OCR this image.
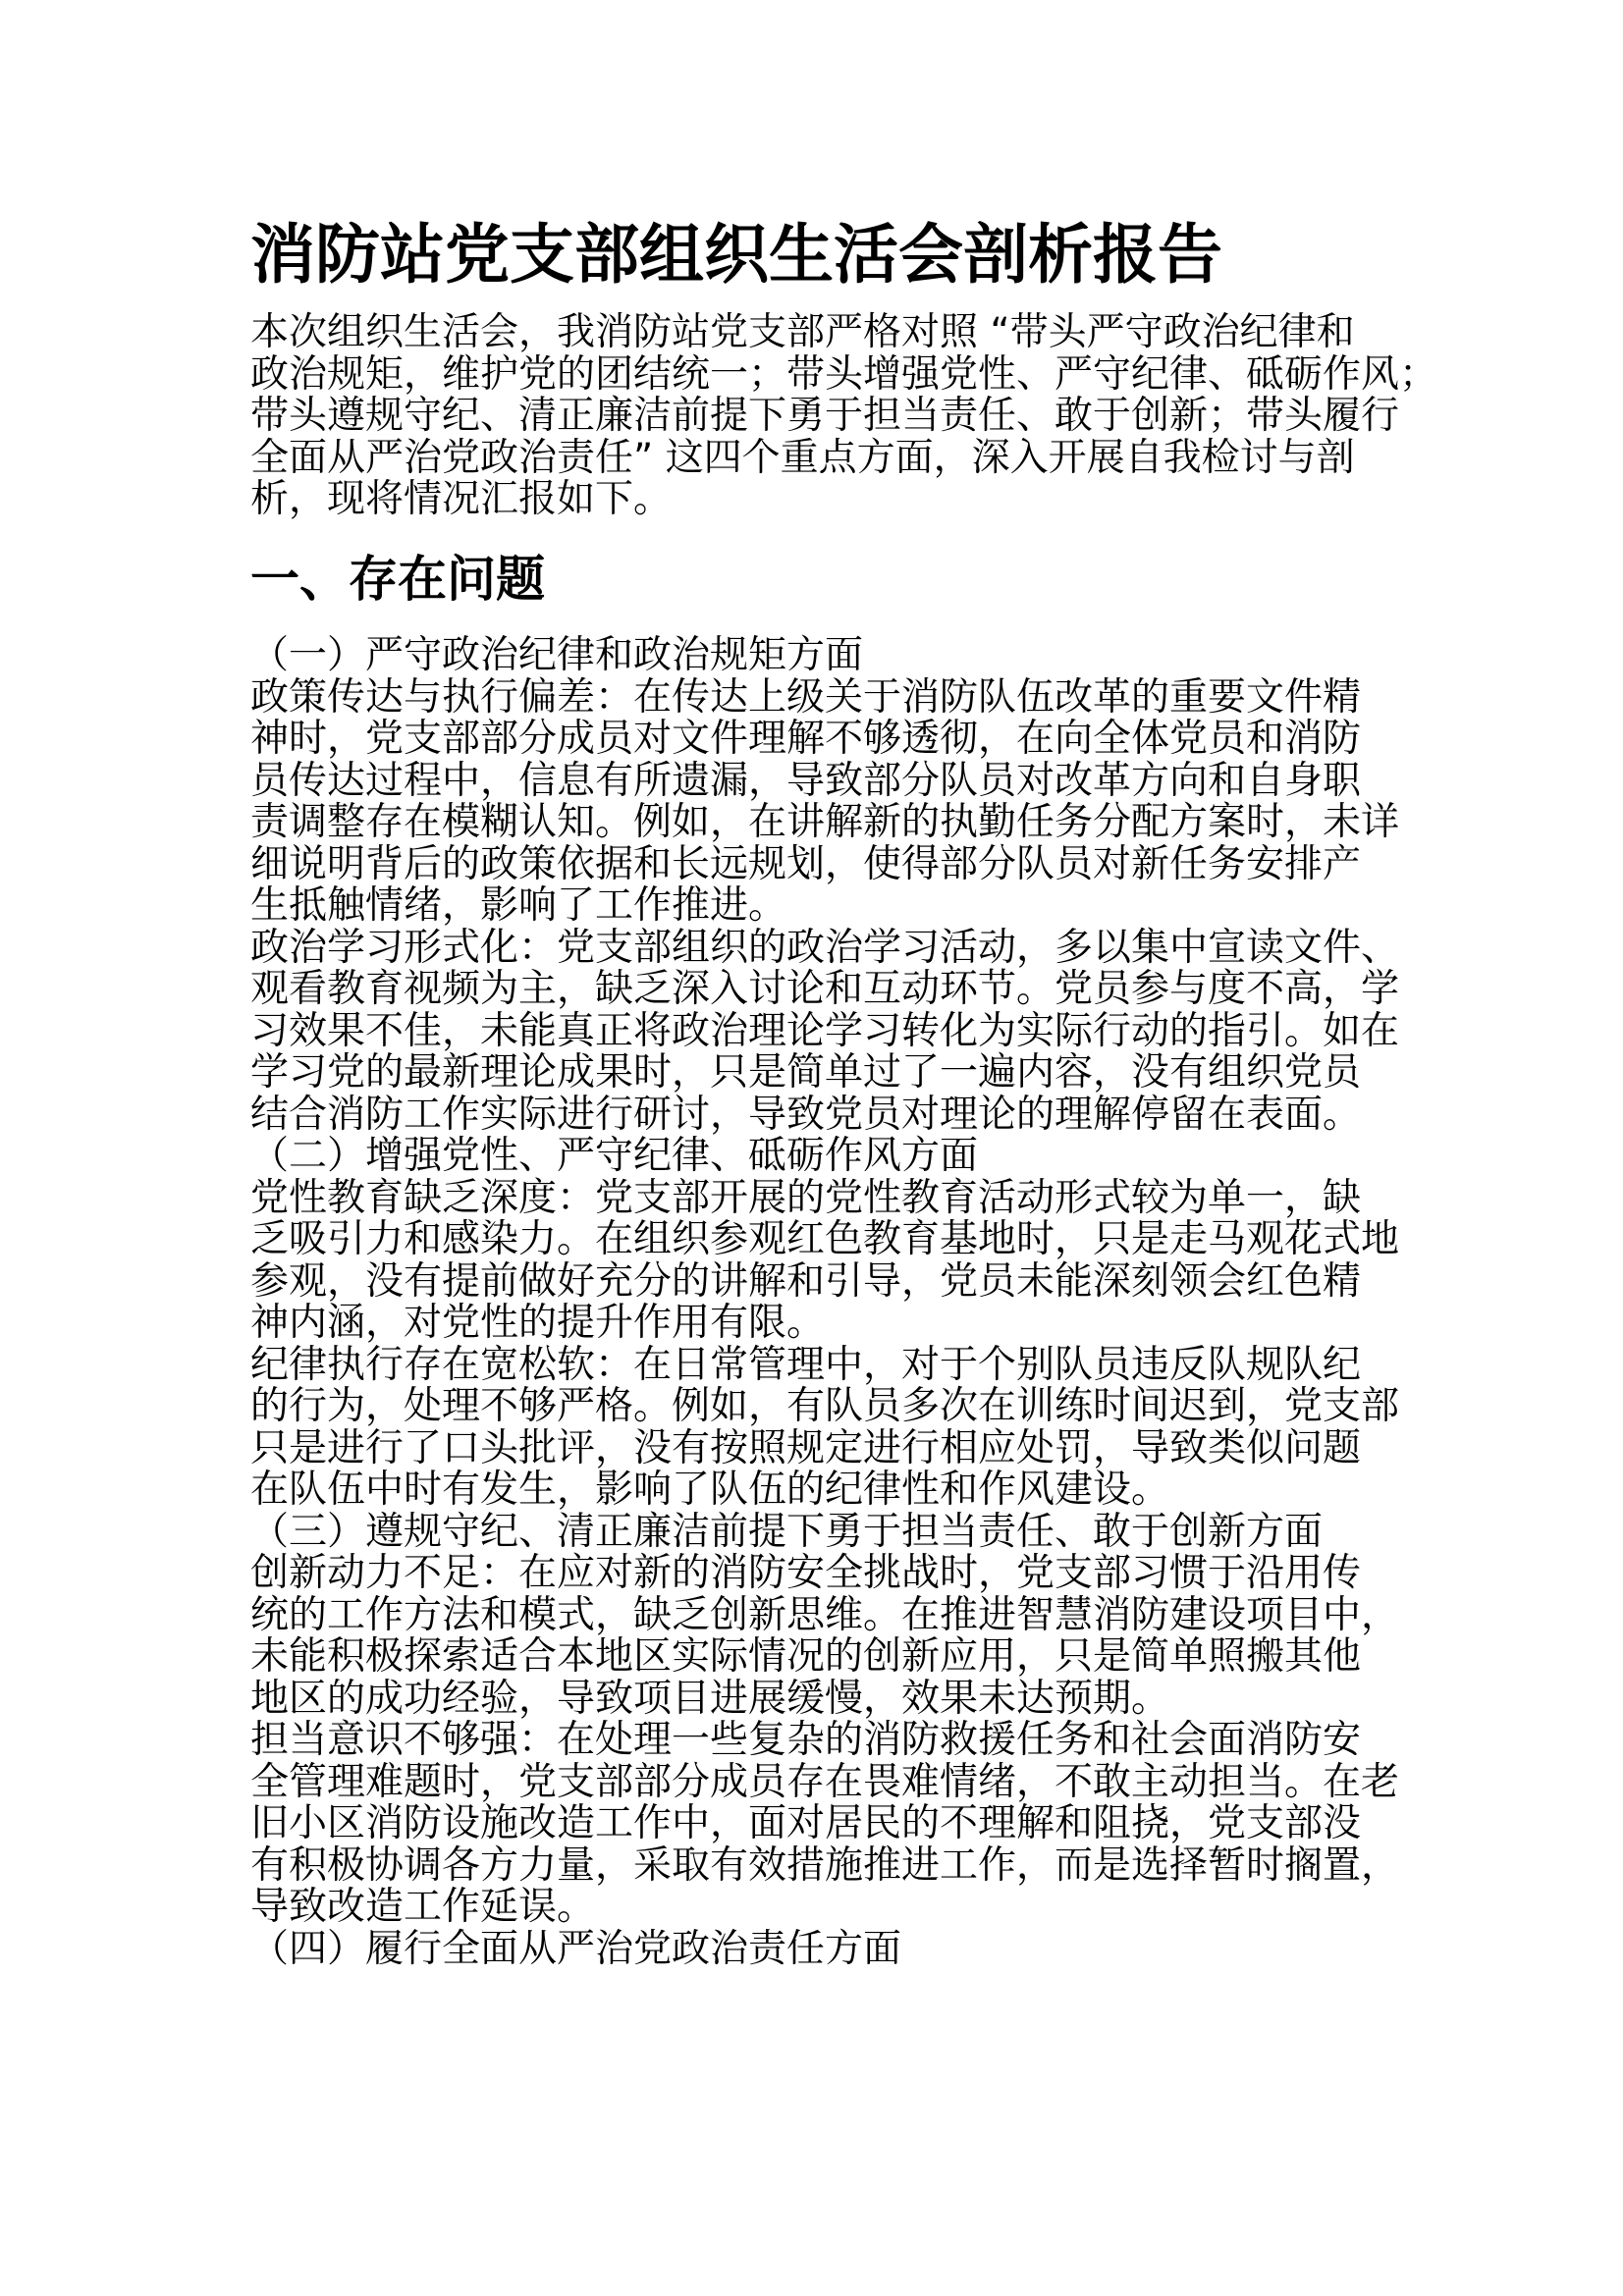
消防站党支部组织生活会剖析报告
本次组织生活会，我消防站党支部严格对照 “带头严守政治纪律和
政治规矩，维护党的团结统一；带头增强党性、严守纪律、砥砺作风；
带头遵规守纪、清正廉洁前提下勇于担当责任、敢于创新；带头履行
全面从严治党政治责任” 这四个重点方面，深入开展自我检讨与剖
析，现将情况汇报如下。
一、存在问题
（一）严守政治纪律和政治规矩方面
政策传达与执行偏差：在传达上级关于消防队伍改革的重要文件精
神时，党支部部分成员对文件理解不够透彻，在向全体党员和消防
员传达过程中，信息有所遗漏，导致部分队员对改革方向和自身职
责调整存在模糊认知。例如，在讲解新的执勤任务分配方案时，未详
细说明背后的政策依据和长远规划，使得部分队员对新任务安排产
生抵触情绪，影响了工作推进。
政治学习形式化：党支部组织的政治学习活动，多以集中宣读文件、
观看教育视频为主，缺乏深入讨论和互动环节。党员参与度不高，学
习效果不佳，未能真正将政治理论学习转化为实际行动的指引。如在
学习党的最新理论成果时，只是简单过了一遍内容，没有组织党员
结合消防工作实际进行研讨，导致党员对理论的理解停留在表面。
（二）增强党性、严守纪律、砥砺作风方面
党性教育缺乏深度：党支部开展的党性教育活动形式较为单一，缺
乏吸引力和感染力。在组织参观红色教育基地时，只是走马观花式地
参观，没有提前做好充分的讲解和引导，党员未能深刻领会红色精
神内涵，对党性的提升作用有限。
纪律执行存在宽松软：在日常管理中，对于个别队员违反队规队纪
的行为，处理不够严格。例如，有队员多次在训练时间迟到，党支部
只是进行了口头批评，没有按照规定进行相应处罚，导致类似问题
在队伍中时有发生，影响了队伍的纪律性和作风建设。
（三）遵规守纪、清正廉洁前提下勇于担当责任、敢于创新方面
创新动力不足：在应对新的消防安全挑战时，党支部习惯于沿用传
统的工作方法和模式，缺乏创新思维。在推进智慧消防建设项目中，
未能积极探索适合本地区实际情况的创新应用，只是简单照搬其他
地区的成功经验，导致项目进展缓慢，效果未达预期。
担当意识不够强：在处理一些复杂的消防救援任务和社会面消防安
全管理难题时，党支部部分成员存在畏难情绪，不敢主动担当。在老
旧小区消防设施改造工作中，面对居民的不理解和阻挠，党支部没
有积极协调各方力量，采取有效措施推进工作，而是选择暂时搁置，
导致改造工作延误。
（四）履行全面从严治党政治责任方面
